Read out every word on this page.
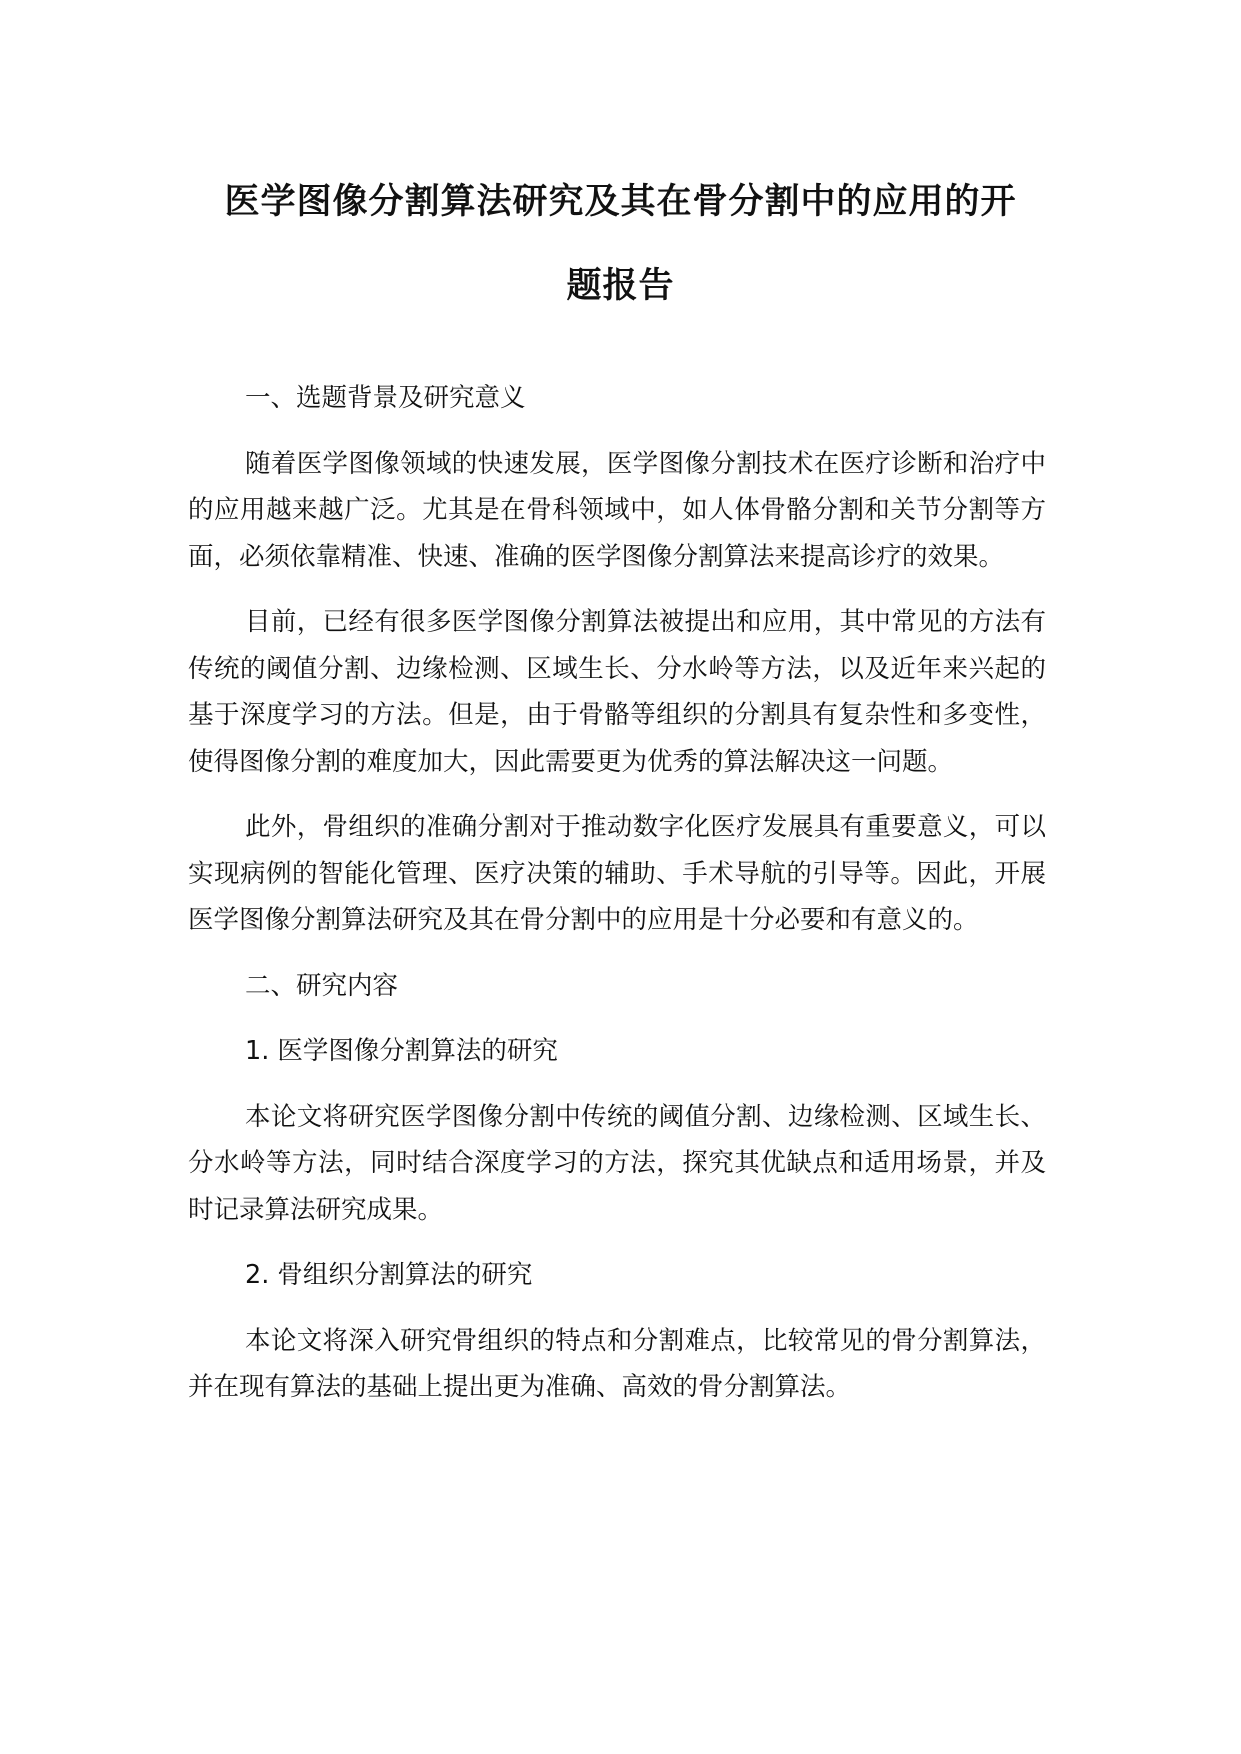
医学图像分割算法研究及其在骨分割中的应用的开
题报告

一、选题背景及研究意义

随着医学图像领域的快速发展，医学图像分割技术在医疗诊断和治疗中的应用越来越广泛。尤其是在骨科领域中，如人体骨骼分割和关节分割等方面，必须依靠精准、快速、准确的医学图像分割算法来提高诊疗的效果。

目前，已经有很多医学图像分割算法被提出和应用，其中常见的方法有传统的阈值分割、边缘检测、区域生长、分水岭等方法，以及近年来兴起的基于深度学习的方法。但是，由于骨骼等组织的分割具有复杂性和多变性，使得图像分割的难度加大，因此需要更为优秀的算法解决这一问题。

此外，骨组织的准确分割对于推动数字化医疗发展具有重要意义，可以实现病例的智能化管理、医疗决策的辅助、手术导航的引导等。因此，开展医学图像分割算法研究及其在骨分割中的应用是十分必要和有意义的。

二、研究内容

1. 医学图像分割算法的研究

本论文将研究医学图像分割中传统的阈值分割、边缘检测、区域生长、分水岭等方法，同时结合深度学习的方法，探究其优缺点和适用场景，并及时记录算法研究成果。

2. 骨组织分割算法的研究

本论文将深入研究骨组织的特点和分割难点，比较常见的骨分割算法，并在现有算法的基础上提出更为准确、高效的骨分割算法。
